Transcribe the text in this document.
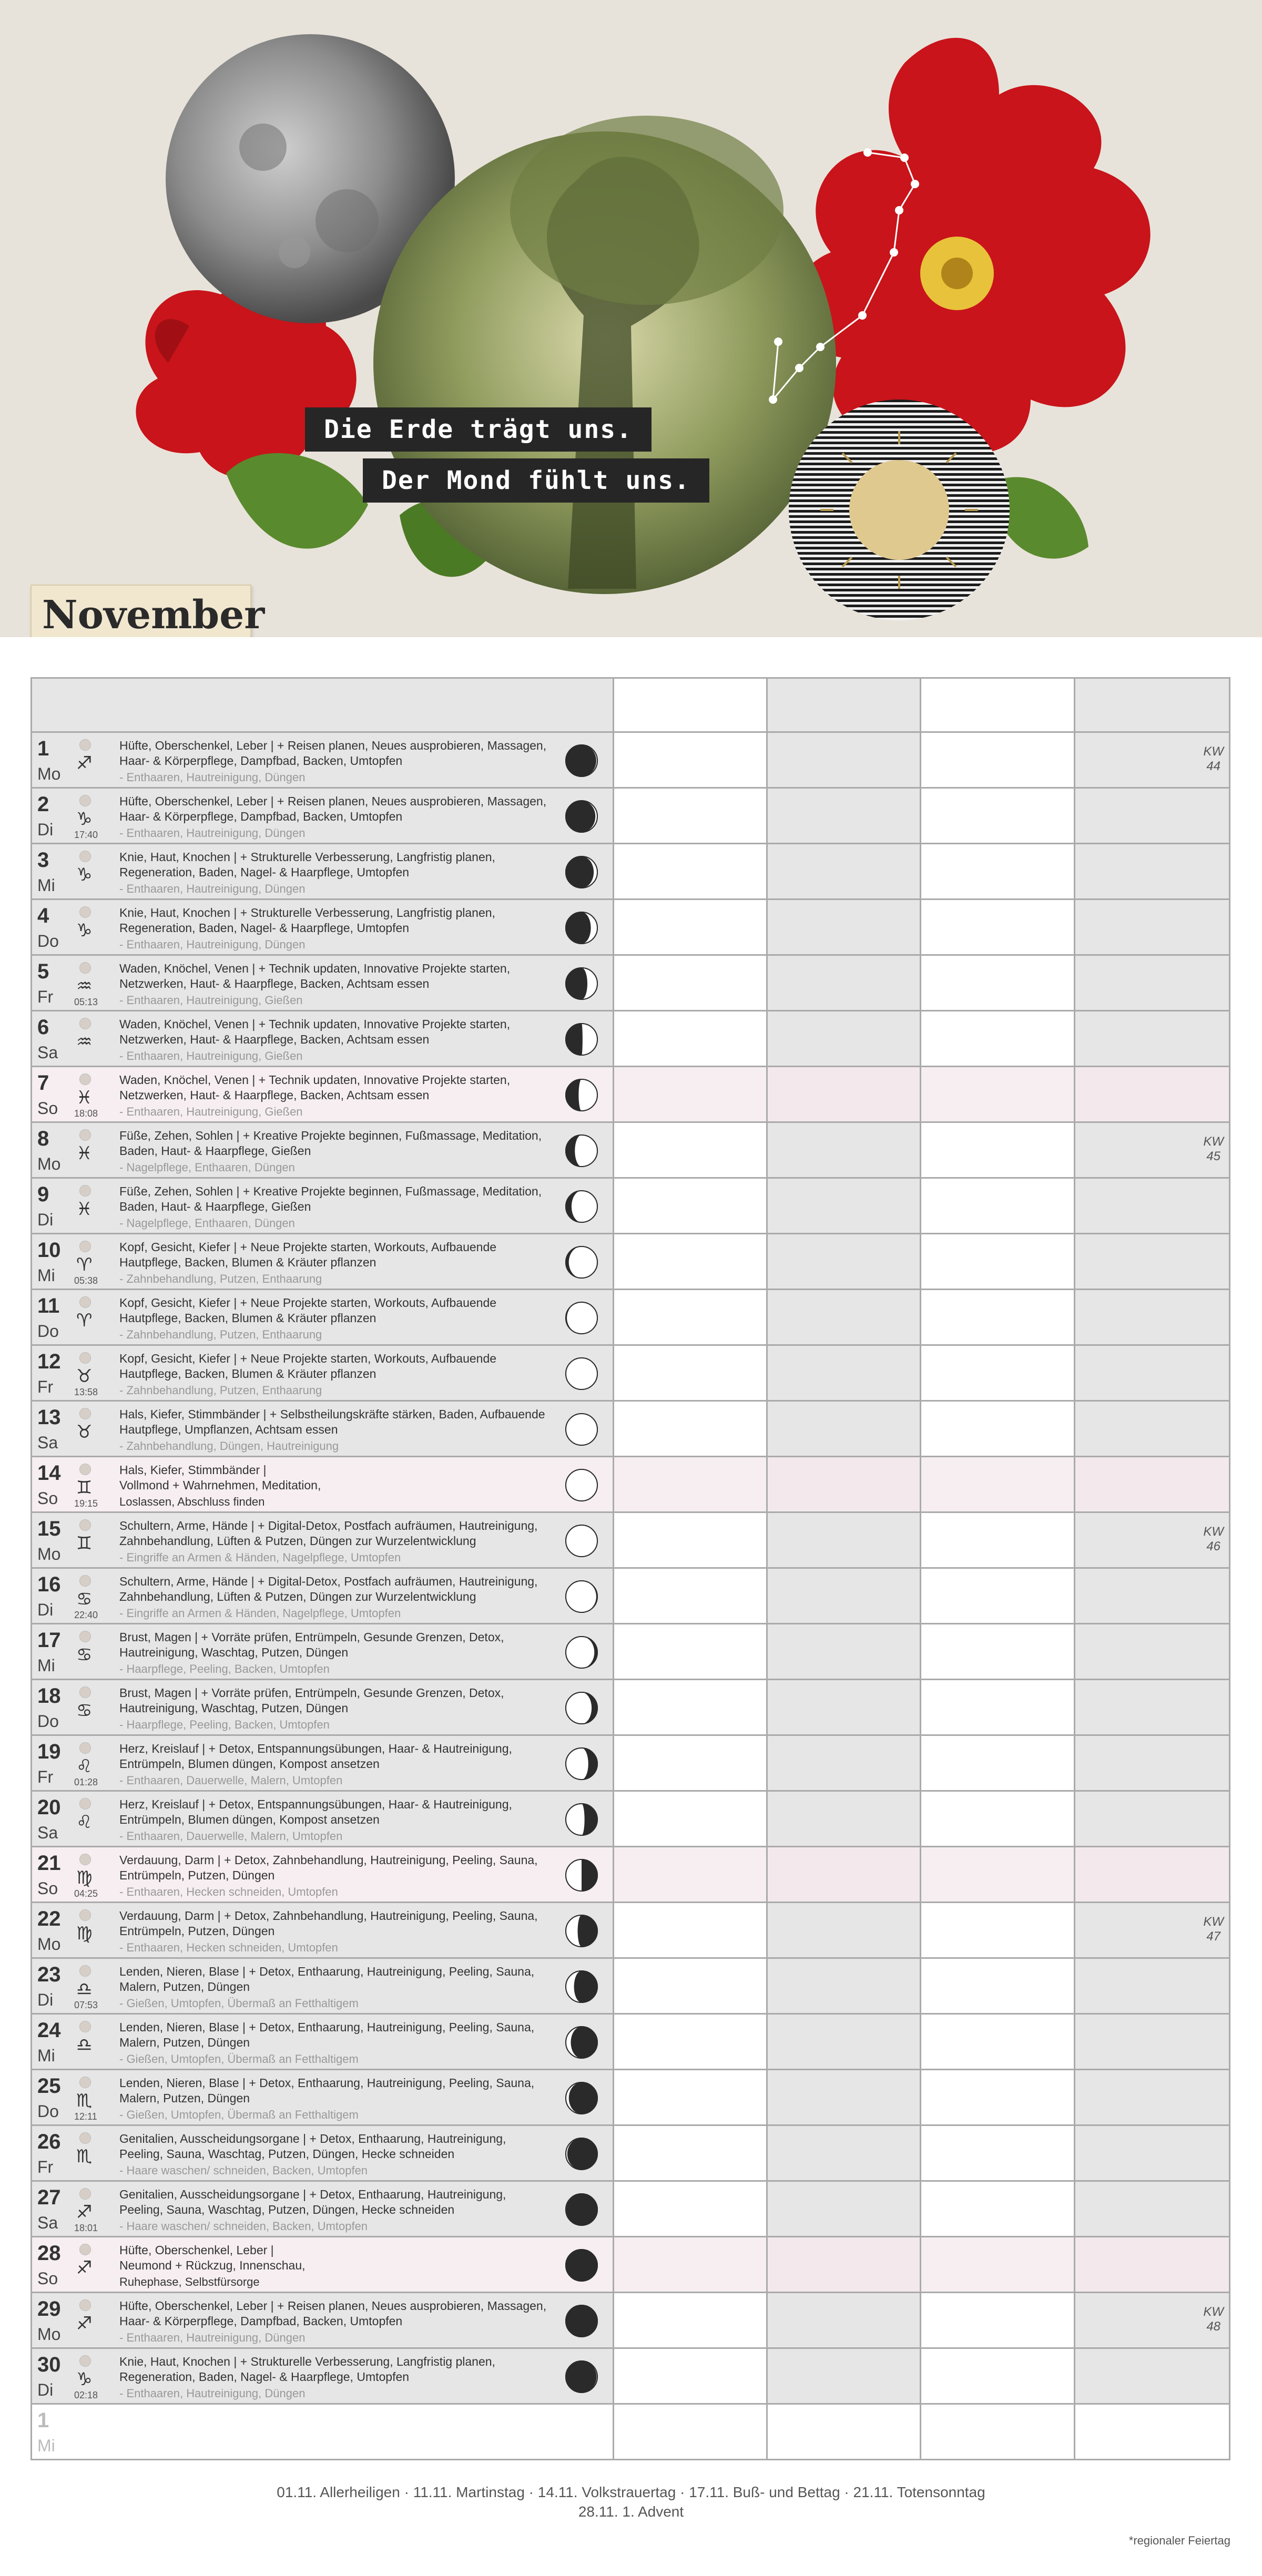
Die Erde trägt uns.
Der Mond fühlt uns.
November
1
Mo ♐
Hüfte, Oberschenkel, Leber | + Reisen planen, Neues ausprobieren, Massagen,
Haar- & Körperpflege, Dampfbad, Backen, Umtopfen
- Enthaaren, Hautreinigung, Düngen
KW
44
2
Di ♑
17:40
Hüfte, Oberschenkel, Leber | + Reisen planen, Neues ausprobieren, Massagen,
Haar- & Körperpflege, Dampfbad, Backen, Umtopfen
- Enthaaren, Hautreinigung, Düngen
3
Mi ♑
Knie, Haut, Knochen | + Strukturelle Verbesserung, Langfristig planen,
Regeneration, Baden, Nagel- & Haarpflege, Umtopfen
- Enthaaren, Hautreinigung, Düngen
4
Do ♑
Knie, Haut, Knochen | + Strukturelle Verbesserung, Langfristig planen,
Regeneration, Baden, Nagel- & Haarpflege, Umtopfen
- Enthaaren, Hautreinigung, Düngen
5
Fr ♒
05:13
Waden, Knöchel, Venen | + Technik updaten, Innovative Projekte starten,
Netzwerken, Haut- & Haarpflege, Backen, Achtsam essen
- Enthaaren, Hautreinigung, Gießen
6
Sa ♒
Waden, Knöchel, Venen | + Technik updaten, Innovative Projekte starten,
Netzwerken, Haut- & Haarpflege, Backen, Achtsam essen
- Enthaaren, Hautreinigung, Gießen
7
So ♓
18:08
Waden, Knöchel, Venen | + Technik updaten, Innovative Projekte starten,
Netzwerken, Haut- & Haarpflege, Backen, Achtsam essen
- Enthaaren, Hautreinigung, Gießen
8
Mo ♓
Füße, Zehen, Sohlen | + Kreative Projekte beginnen, Fußmassage, Meditation,
Baden, Haut- & Haarpflege, Gießen
- Nagelpflege, Enthaaren, Düngen
KW
45
9
Di ♓
Füße, Zehen, Sohlen | + Kreative Projekte beginnen, Fußmassage, Meditation,
Baden, Haut- & Haarpflege, Gießen
- Nagelpflege, Enthaaren, Düngen
10
Mi ♈
05:38
Kopf, Gesicht, Kiefer | + Neue Projekte starten, Workouts, Aufbauende
Hautpflege, Backen, Blumen & Kräuter pflanzen
- Zahnbehandlung, Putzen, Enthaarung
11
Do ♈
Kopf, Gesicht, Kiefer | + Neue Projekte starten, Workouts, Aufbauende
Hautpflege, Backen, Blumen & Kräuter pflanzen
- Zahnbehandlung, Putzen, Enthaarung
12
Fr ♉
13:58
Kopf, Gesicht, Kiefer | + Neue Projekte starten, Workouts, Aufbauende
Hautpflege, Backen, Blumen & Kräuter pflanzen
- Zahnbehandlung, Putzen, Enthaarung
13
Sa ♉
Hals, Kiefer, Stimmbänder | + Selbstheilungskräfte stärken, Baden, Aufbauende
Hautpflege, Umpflanzen, Achtsam essen
- Zahnbehandlung, Düngen, Hautreinigung
14
So ♊
19:15
Hals, Kiefer, Stimmbänder |
Vollmond + Wahrnehmen, Meditation,
Loslassen, Abschluss finden
15
Mo ♊
Schultern, Arme, Hände | + Digital-Detox, Postfach aufräumen, Hautreinigung,
Zahnbehandlung, Lüften & Putzen, Düngen zur Wurzelentwicklung
- Eingriffe an Armen & Händen, Nagelpflege, Umtopfen
KW
46
16
Di ♋
22:40
Schultern, Arme, Hände | + Digital-Detox, Postfach aufräumen, Hautreinigung,
Zahnbehandlung, Lüften & Putzen, Düngen zur Wurzelentwicklung
- Eingriffe an Armen & Händen, Nagelpflege, Umtopfen
17
Mi ♋
Brust, Magen | + Vorräte prüfen, Entrümpeln, Gesunde Grenzen, Detox,
Hautreinigung, Waschtag, Putzen, Düngen
- Haarpflege, Peeling, Backen, Umtopfen
18
Do ♋
Brust, Magen | + Vorräte prüfen, Entrümpeln, Gesunde Grenzen, Detox,
Hautreinigung, Waschtag, Putzen, Düngen
- Haarpflege, Peeling, Backen, Umtopfen
19
Fr ♌
01:28
Herz, Kreislauf | + Detox, Entspannungsübungen, Haar- & Hautreinigung,
Entrümpeln, Blumen düngen, Kompost ansetzen
- Enthaaren, Dauerwelle, Malern, Umtopfen
20
Sa ♌
Herz, Kreislauf | + Detox, Entspannungsübungen, Haar- & Hautreinigung,
Entrümpeln, Blumen düngen, Kompost ansetzen
- Enthaaren, Dauerwelle, Malern, Umtopfen
21
So ♍
04:25
Verdauung, Darm | + Detox, Zahnbehandlung, Hautreinigung, Peeling, Sauna,
Entrümpeln, Putzen, Düngen
- Enthaaren, Hecken schneiden, Umtopfen
22
Mo ♍
Verdauung, Darm | + Detox, Zahnbehandlung, Hautreinigung, Peeling, Sauna,
Entrümpeln, Putzen, Düngen
- Enthaaren, Hecken schneiden, Umtopfen
KW
47
23
Di ♎
07:53
Lenden, Nieren, Blase | + Detox, Enthaarung, Hautreinigung, Peeling, Sauna,
Malern, Putzen, Düngen
- Gießen, Umtopfen, Übermaß an Fetthaltigem
24
Mi ♎
Lenden, Nieren, Blase | + Detox, Enthaarung, Hautreinigung, Peeling, Sauna,
Malern, Putzen, Düngen
- Gießen, Umtopfen, Übermaß an Fetthaltigem
25
Do ♏
12:11
Lenden, Nieren, Blase | + Detox, Enthaarung, Hautreinigung, Peeling, Sauna,
Malern, Putzen, Düngen
- Gießen, Umtopfen, Übermaß an Fetthaltigem
26
Fr ♏
Genitalien, Ausscheidungsorgane | + Detox, Enthaarung, Hautreinigung,
Peeling, Sauna, Waschtag, Putzen, Düngen, Hecke schneiden
- Haare waschen/ schneiden, Backen, Umtopfen
27
Sa ♐
18:01
Genitalien, Ausscheidungsorgane | + Detox, Enthaarung, Hautreinigung,
Peeling, Sauna, Waschtag, Putzen, Düngen, Hecke schneiden
- Haare waschen/ schneiden, Backen, Umtopfen
28
So ♐
Hüfte, Oberschenkel, Leber |
Neumond + Rückzug, Innenschau,
Ruhephase, Selbstfürsorge
29
Mo ♐
Hüfte, Oberschenkel, Leber | + Reisen planen, Neues ausprobieren, Massagen,
Haar- & Körperpflege, Dampfbad, Backen, Umtopfen
- Enthaaren, Hautreinigung, Düngen
KW
48
30
Di ♑
02:18
Knie, Haut, Knochen | + Strukturelle Verbesserung, Langfristig planen,
Regeneration, Baden, Nagel- & Haarpflege, Umtopfen
- Enthaaren, Hautreinigung, Düngen
1
Mi
01.11. Allerheiligen · 11.11. Martinstag · 14.11. Volkstrauertag · 17.11. Buß- und Bettag · 21.11. Totensonntag
28.11. 1. Advent
*regionaler Feiertag
